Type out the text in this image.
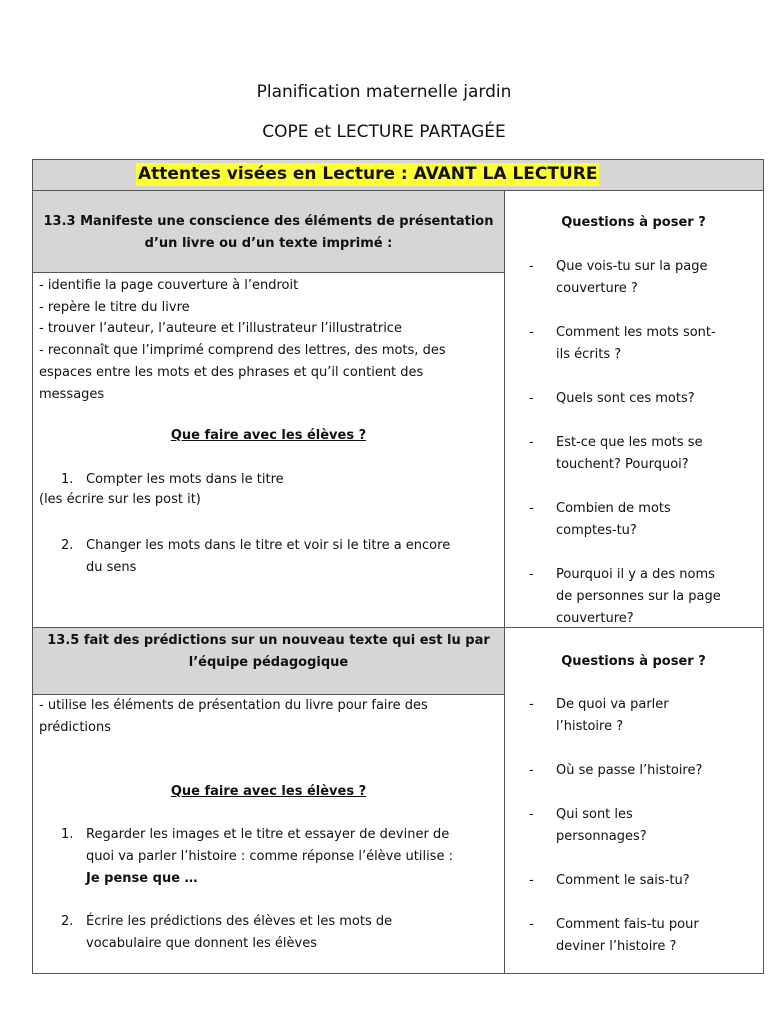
Planification maternelle jardin
COPE et LECTURE PARTAGÉE
Attentes visées en Lecture : AVANT LA LECTURE
13.3 Manifeste une conscience des éléments de présentation
d’un livre ou d’un texte imprimé :
- identifie la page couverture à l’endroit
- repère le titre du livre
- trouver l’auteur, l’auteure et l’illustrateur l’illustratrice
- reconnaît que l’imprimé comprend des lettres, des mots, des
espaces entre les mots et des phrases et qu’il contient des
messages
Que faire avec les élèves ?
1. Compter les mots dans le titre
(les écrire sur les post it)
2. Changer les mots dans le titre et voir si le titre a encore
du sens
Questions à poser ?
- Que vois-tu sur la page
couverture ?
- Comment les mots sont-
ils écrits ?
- Quels sont ces mots?
- Est-ce que les mots se
touchent? Pourquoi?
- Combien de mots
comptes-tu?
- Pourquoi il y a des noms
de personnes sur la page
couverture?
13.5 fait des prédictions sur un nouveau texte qui est lu par
l’équipe pédagogique
- utilise les éléments de présentation du livre pour faire des
prédictions
Que faire avec les élèves ?
1. Regarder les images et le titre et essayer de deviner de
quoi va parler l’histoire : comme réponse l’élève utilise :
Je pense que …
2. Écrire les prédictions des élèves et les mots de
vocabulaire que donnent les élèves
Questions à poser ?
- De quoi va parler
l’histoire ?
- Où se passe l’histoire?
- Qui sont les
personnages?
- Comment le sais-tu?
- Comment fais-tu pour
deviner l’histoire ?
